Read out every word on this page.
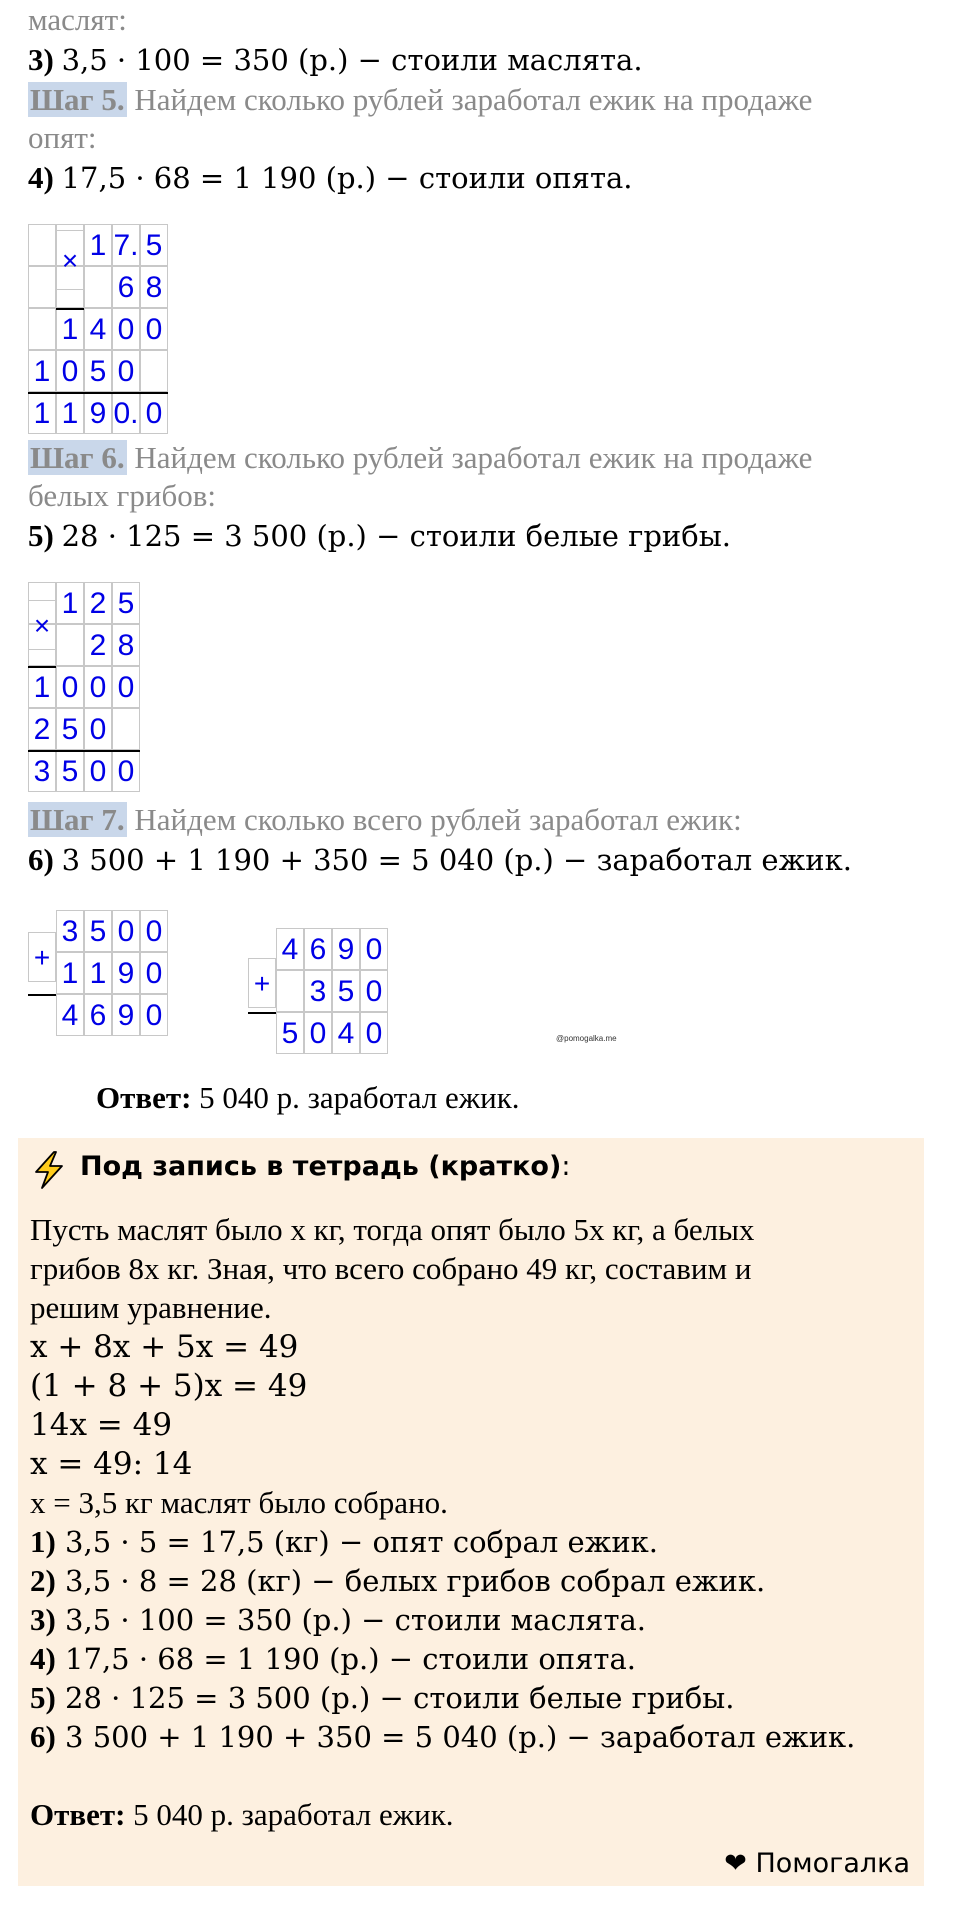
маслят:
3) 3,5 · 100 = 350 (р.) − стоили маслята.
Шаг 5. Найдем сколько рублей заработал ежик на продаже
опят:
4) 17,5 · 68 = 1 190 (р.) − стоили опята.
1 7. 5
6 8
1 4 0 0
1 0 5 0
1 1 9 0. 0
×
Шаг 6. Найдем сколько рублей заработал ежик на продаже
белых грибов:
5) 28 · 125 = 3 500 (р.) − стоили белые грибы.
1 2 5
2 8
1 0 0 0
2 5 0
3 5 0 0
×
Шаг 7. Найдем сколько всего рублей заработал ежик:
6) 3 500 + 1 190 + 350 = 5 040 (р.) − заработал ежик.
3 5 0 0
1 1 9 0
4 6 9 0
+	4 6 9 0
3 5 0
5 0 4 0
+
@pomogalka.me
Ответ: 5 040 р. заработал ежик.
Под запись в тетрадь (кратко):
Пусть маслят было x кг, тогда опят было 5x кг, а белых
грибов 8x кг. Зная, что всего собрано 49 кг, составим и
решим уравнение.
x + 8x + 5x = 49
(1 + 8 + 5)x = 49
14x = 49
x = 49: 14
x = 3,5 кг маслят было собрано.
1) 3,5 · 5 = 17,5 (кг) − опят собрал ежик.
2) 3,5 · 8 = 28 (кг) − белых грибов собрал ежик.
3) 3,5 · 100 = 350 (р.) − стоили маслята.
4) 17,5 · 68 = 1 190 (р.) − стоили опята.
5) 28 · 125 = 3 500 (р.) − стоили белые грибы.
6) 3 500 + 1 190 + 350 = 5 040 (р.) − заработал ежик.
Ответ: 5 040 р. заработал ежик.
❤ Помогалка
